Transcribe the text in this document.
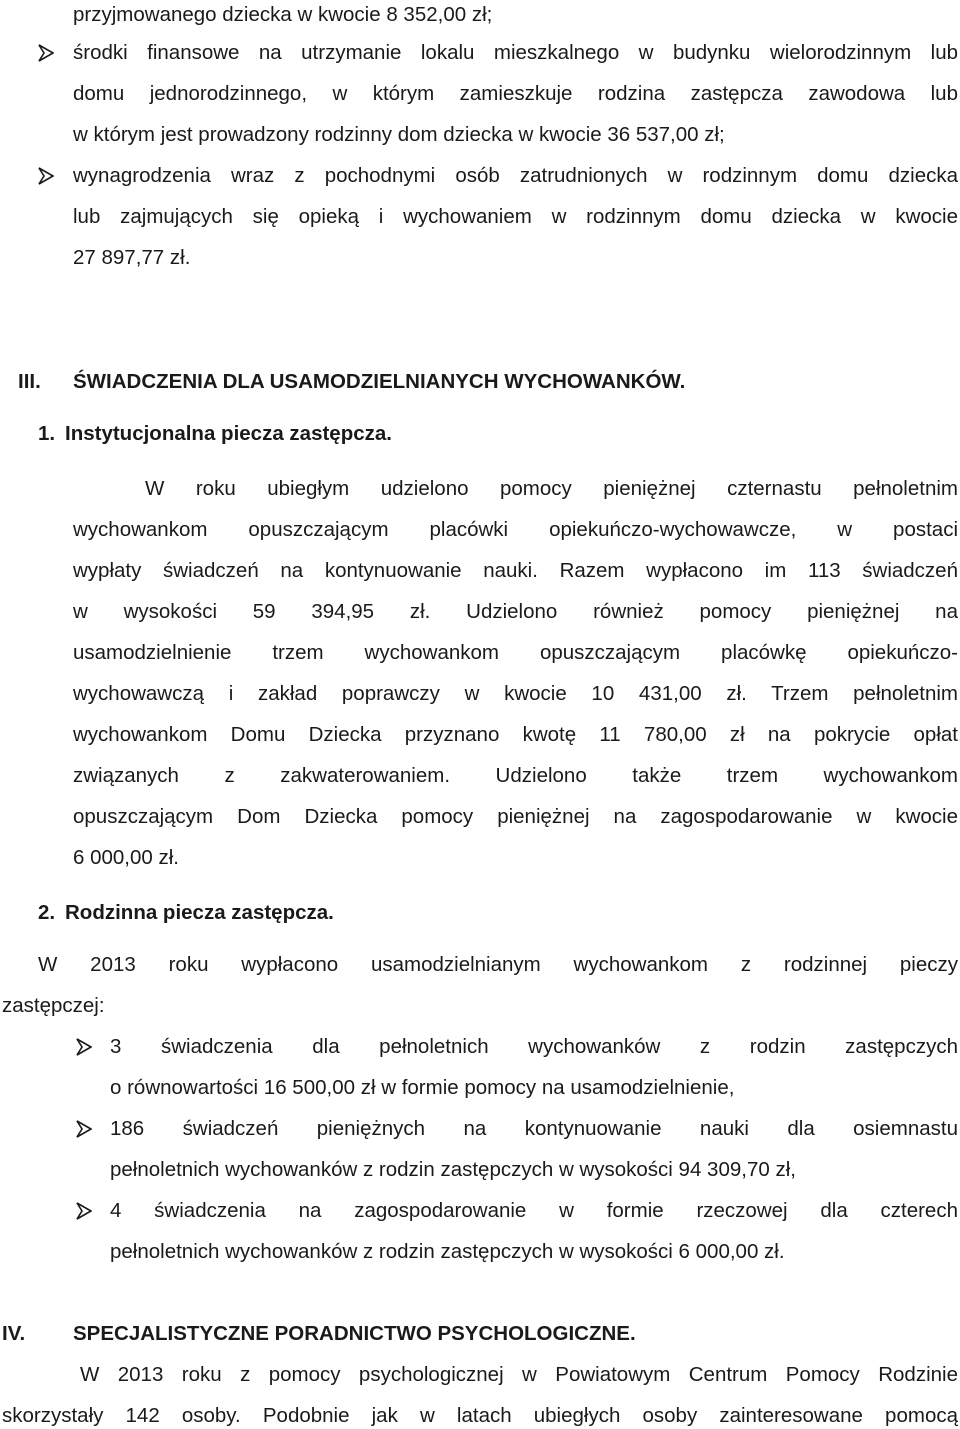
przyjmowanego dziecka w kwocie 8 352,00 zł;
środki finansowe na utrzymanie lokalu mieszkalnego w budynku wielorodzinnym lub
domu jednorodzinnego, w którym zamieszkuje rodzina zastępcza zawodowa lub
w którym jest prowadzony rodzinny dom dziecka w kwocie 36 537,00 zł;
wynagrodzenia wraz z pochodnymi osób zatrudnionych w rodzinnym domu dziecka
lub zajmujących się opieką i wychowaniem w rodzinnym domu dziecka w kwocie
27 897,77 zł.
III. ŚWIADCZENIA DLA USAMODZIELNIANYCH WYCHOWANKÓW.
1. Instytucjonalna piecza zastępcza.
W roku ubiegłym udzielono pomocy pieniężnej czternastu pełnoletnim
wychowankom opuszczającym placówki opiekuńczo-wychowawcze, w postaci
wypłaty świadczeń na kontynuowanie nauki. Razem wypłacono im 113 świadczeń
w wysokości 59 394,95 zł. Udzielono również pomocy pieniężnej na
usamodzielnienie trzem wychowankom opuszczającym placówkę opiekuńczo-
wychowawczą i zakład poprawczy w kwocie 10 431,00 zł. Trzem pełnoletnim
wychowankom Domu Dziecka przyznano kwotę 11 780,00 zł na pokrycie opłat
związanych z zakwaterowaniem. Udzielono także trzem wychowankom
opuszczającym Dom Dziecka pomocy pieniężnej na zagospodarowanie w kwocie
6 000,00 zł.
2. Rodzinna piecza zastępcza.
W 2013 roku wypłacono usamodzielnianym wychowankom z rodzinnej pieczy
zastępczej:
3 świadczenia dla pełnoletnich wychowanków z rodzin zastępczych
o równowartości 16 500,00 zł w formie pomocy na usamodzielnienie,
186 świadczeń pieniężnych na kontynuowanie nauki dla osiemnastu
pełnoletnich wychowanków z rodzin zastępczych w wysokości 94 309,70 zł,
4 świadczenia na zagospodarowanie w formie rzeczowej dla czterech
pełnoletnich wychowanków z rodzin zastępczych w wysokości 6 000,00 zł.
IV. SPECJALISTYCZNE PORADNICTWO PSYCHOLOGICZNE.
W 2013 roku z pomocy psychologicznej w Powiatowym Centrum Pomocy Rodzinie
skorzystały 142 osoby. Podobnie jak w latach ubiegłych osoby zainteresowane pomocą
